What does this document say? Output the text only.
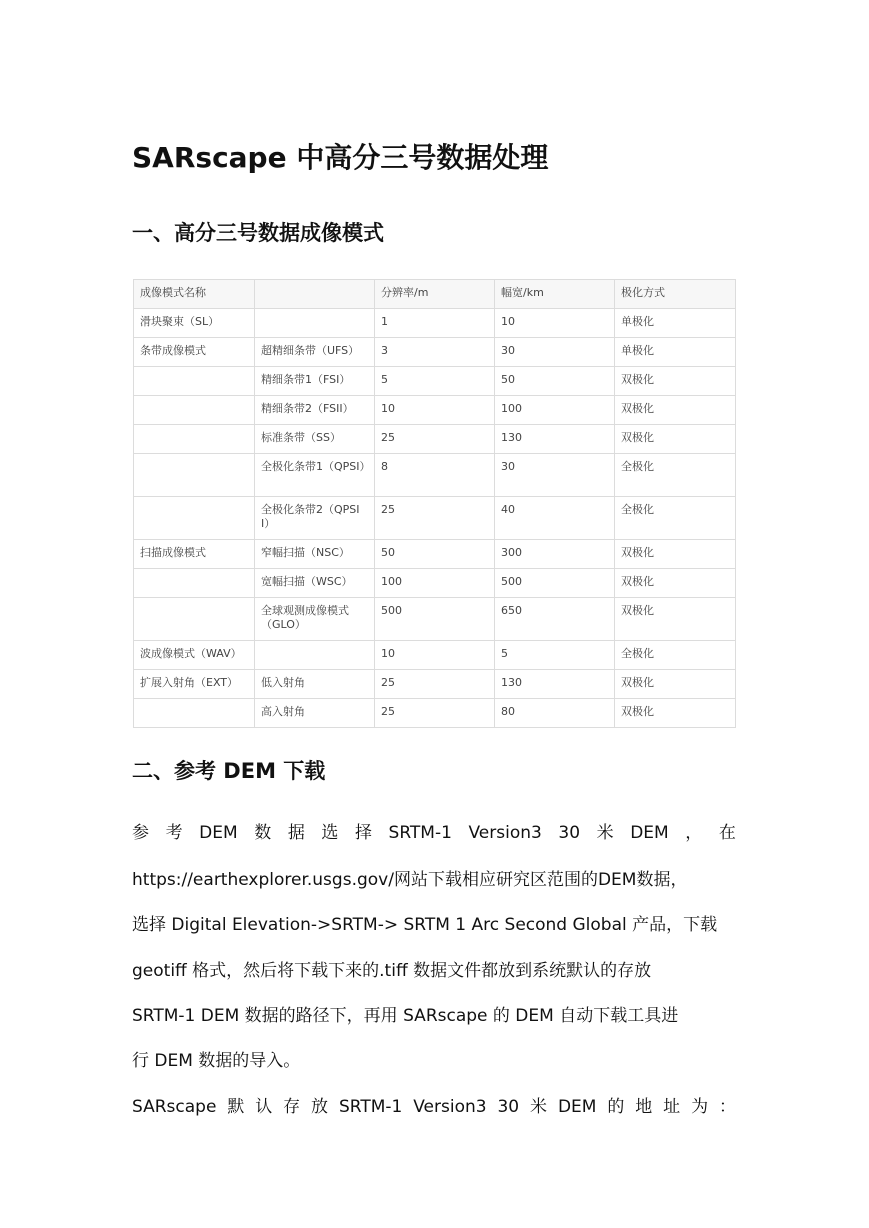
SARscape 中高分三号数据处理
一、高分三号数据成像模式
成像模式名称		分辨率/m	幅宽/km	极化方式
滑块聚束（SL）		1	10	单极化
条带成像模式	超精细条带（UFS）	3	30	单极化
	精细条带1（FSI）	5	50	双极化
	精细条带2（FSII）	10	100	双极化
	标准条带（SS）	25	130	双极化
	全极化条带1（QPSI）	8	30	全极化
	全极化条带2（QPSII）	25	40	全极化
扫描成像模式	窄幅扫描（NSC）	50	300	双极化
	宽幅扫描（WSC）	100	500	双极化
	全球观测成像模式（GLO）	500	650	双极化
波成像模式（WAV）		10	5	全极化
扩展入射角（EXT）	低入射角	25	130	双极化
	高入射角	25	80	双极化
二、参考 DEM 下载
参 考 DEM 数 据 选 择 SRTM-1 Version3 30 米 DEM ， 在
https://earthexplorer.usgs.gov/网站下载相应研究区范围的DEM数据，
选择 Digital Elevation->SRTM-> SRTM 1 Arc Second Global 产品，下载
geotiff 格式，然后将下载下来的.tiff 数据文件都放到系统默认的存放
SRTM-1 DEM 数据的路径下，再用 SARscape 的 DEM 自动下载工具进
行 DEM 数据的导入。
SARscape 默 认 存 放 SRTM-1 Version3 30 米 DEM 的 地 址 为 ：
